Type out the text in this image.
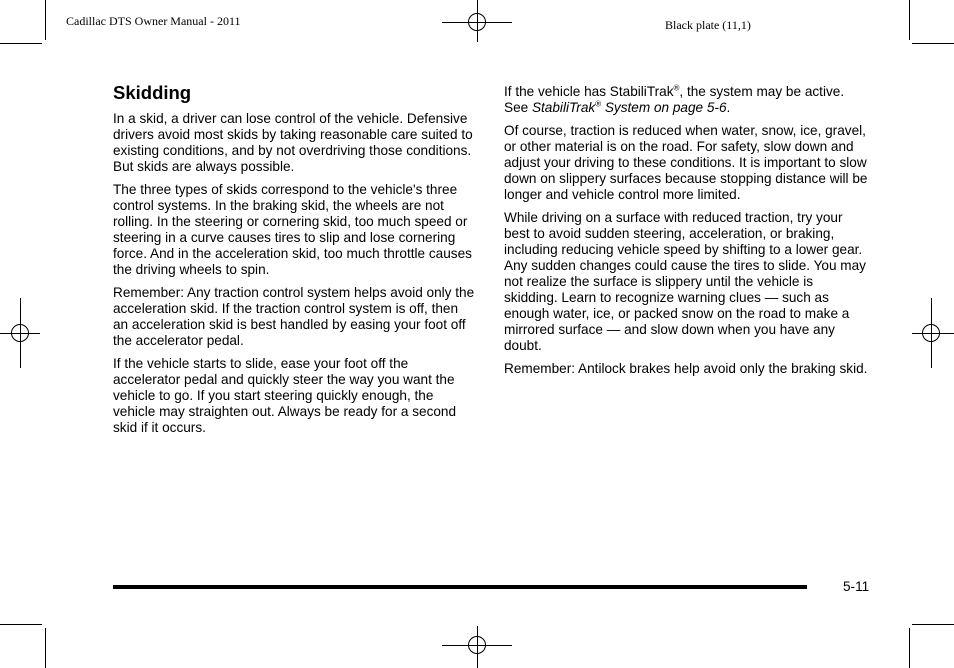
Cadillac DTS Owner Manual - 2011	Black plate (11,1)
Skidding

In a skid, a driver can lose control of the vehicle. Defensive drivers avoid most skids by taking reasonable care suited to existing conditions, and by not overdriving those conditions. But skids are always possible.

The three types of skids correspond to the vehicle's three control systems. In the braking skid, the wheels are not rolling. In the steering or cornering skid, too much speed or steering in a curve causes tires to slip and lose cornering force. And in the acceleration skid, too much throttle causes the driving wheels to spin.

Remember: Any traction control system helps avoid only the acceleration skid. If the traction control system is off, then an acceleration skid is best handled by easing your foot off the accelerator pedal.

If the vehicle starts to slide, ease your foot off the accelerator pedal and quickly steer the way you want the vehicle to go. If you start steering quickly enough, the vehicle may straighten out. Always be ready for a second skid if it occurs.

If the vehicle has StabiliTrak®, the system may be active. See StabiliTrak® System on page 5‑6.

Of course, traction is reduced when water, snow, ice, gravel, or other material is on the road. For safety, slow down and adjust your driving to these conditions. It is important to slow down on slippery surfaces because stopping distance will be longer and vehicle control more limited.

While driving on a surface with reduced traction, try your best to avoid sudden steering, acceleration, or braking, including reducing vehicle speed by shifting to a lower gear. Any sudden changes could cause the tires to slide. You may not realize the surface is slippery until the vehicle is skidding. Learn to recognize warning clues — such as enough water, ice, or packed snow on the road to make a mirrored surface — and slow down when you have any doubt.

Remember: Antilock brakes help avoid only the braking skid.

5-11
